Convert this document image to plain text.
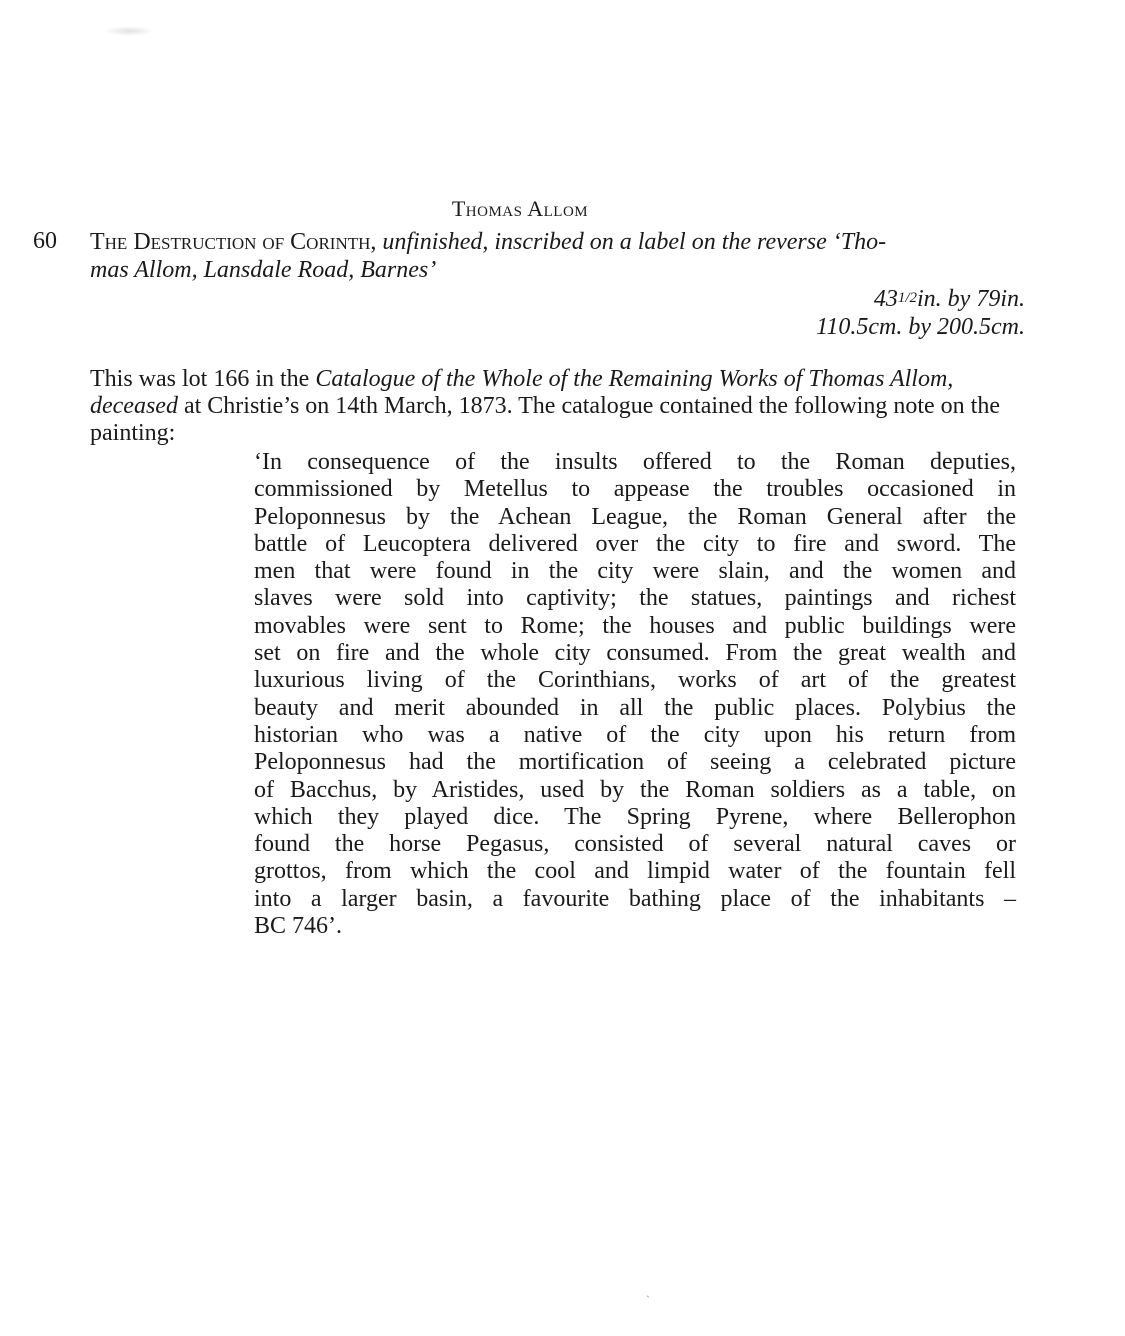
Thomas Allom
60 The Destruction of Corinth, unfinished, inscribed on a label on the reverse ‘Tho-
mas Allom, Lansdale Road, Barnes’
431/2in. by 79in.
110.5cm. by 200.5cm.
This was lot 166 in the Catalogue of the Whole of the Remaining Works of Thomas Allom, deceased at Christie’s on 14th March, 1873. The catalogue contained the following note on the painting:
‘In consequence of the insults offered to the Roman deputies,
commissioned by Metellus to appease the troubles occasioned in
Peloponnesus by the Achean League, the Roman General after the
battle of Leucoptera delivered over the city to fire and sword. The
men that were found in the city were slain, and the women and
slaves were sold into captivity; the statues, paintings and richest
movables were sent to Rome; the houses and public buildings were
set on fire and the whole city consumed. From the great wealth and
luxurious living of the Corinthians, works of art of the greatest
beauty and merit abounded in all the public places. Polybius the
historian who was a native of the city upon his return from
Peloponnesus had the mortification of seeing a celebrated picture
of Bacchus, by Aristides, used by the Roman soldiers as a table, on
which they played dice. The Spring Pyrene, where Bellerophon
found the horse Pegasus, consisted of several natural caves or
grottos, from which the cool and limpid water of the fountain fell
into a larger basin, a favourite bathing place of the inhabitants –
BC 746’.
ˎ
